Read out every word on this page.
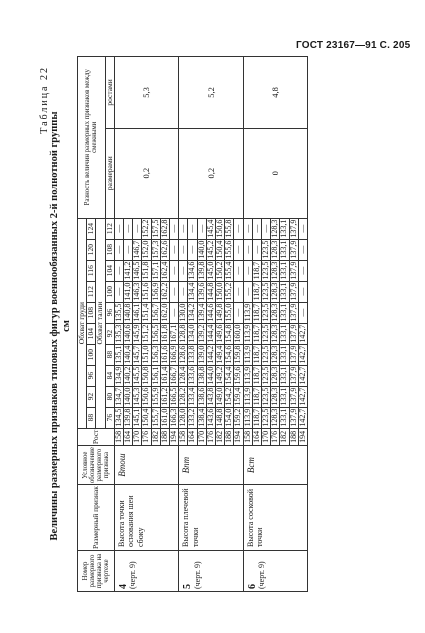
ГОСТ 23167—91 С. 205
Таблица 22
Величины размерных признаков типовых фигур военнообязанных 2-й полнотной группы см
Номер размерного признака на чертеже	Размерный признак	Условное обозначение размерного признака	Рост	Обхват груди										Разность величин размерных признаков между смежными	
				88	92	96	100	104	108	112	116	120	124		
				Обхват талии											
				76	80	84	88	92	96	100	104	108	112	размерами	ростами

4 (черт. 9)	Высота точки основания шеи сбоку	Bтош	158	134,5	134,7	134,9	135,1	135,3	135,5	—	—	—	—	0,2	5,3
			164	139,8	140,0	140,2	140,4	140,6	140,8	141,0	141,2	—	—		
			170	145,1	145,3	145,5	145,7	145,9	146,1	146,3	146,5	146,7	—		
			176	150,4	150,6	150,8	151,0	151,2	151,4	151,6	151,8	152,0	152,2		
			182	155,7	155,9	156,1	156,3	156,5	156,7	156,9	157,1	157,3	157,5		
			188	161,0	161,2	161,4	161,6	161,8	162,0	162,2	162,4	162,6	162,8		
			194	166,3	166,5	166,7	166,9	167,1	—	—	—	—	—		

5 (черт. 9)	Высота плечевой точки	Bпт	158	128,0	128,2	128,4	128,6	128,8	130,0	—	—	—	—	0,2	5,2
			164	133,2	133,4	133,6	133,8	134,0	134,2	134,4	134,6	—	—		
			170	138,4	138,6	138,8	139,0	139,2	139,4	139,6	139,8	140,0	—		
			176	143,6	143,8	144,0	144,2	144,4	144,6	144,8	145,0	145,2	145,4		
			182	148,8	149,0	149,2	149,4	149,6	149,8	150,0	150,2	150,4	150,6		
			188	154,0	154,2	154,4	154,6	154,8	155,0	155,2	155,4	155,6	155,8		
			194	159,2	159,4	159,6	159,8	160,0	—	—	—	—	—		

6 (черт. 9)	Высота сосковой точки	Bст	158	113,9	113,9	113,9	113,9	113,9	113,9	—	—	—	—	0	4,8
			164	118,7	118,7	118,7	118,7	118,7	118,7	118,7	118,7	—	—		
			170	123,5	123,5	123,5	123,5	123,5	123,5	123,5	123,5	123,5	—		
			176	128,3	128,3	128,3	128,3	128,3	128,3	128,3	128,3	128,3	128,3		
			182	133,1	133,1	133,1	133,1	133,1	133,1	133,1	133,1	133,1	133,1		
			188	137,9	137,9	137,9	137,9	137,9	137,9	137,9	137,9	137,9	137,9		
			194	142,7	142,7	142,7	142,7	142,7	—	—	—	—	—		
